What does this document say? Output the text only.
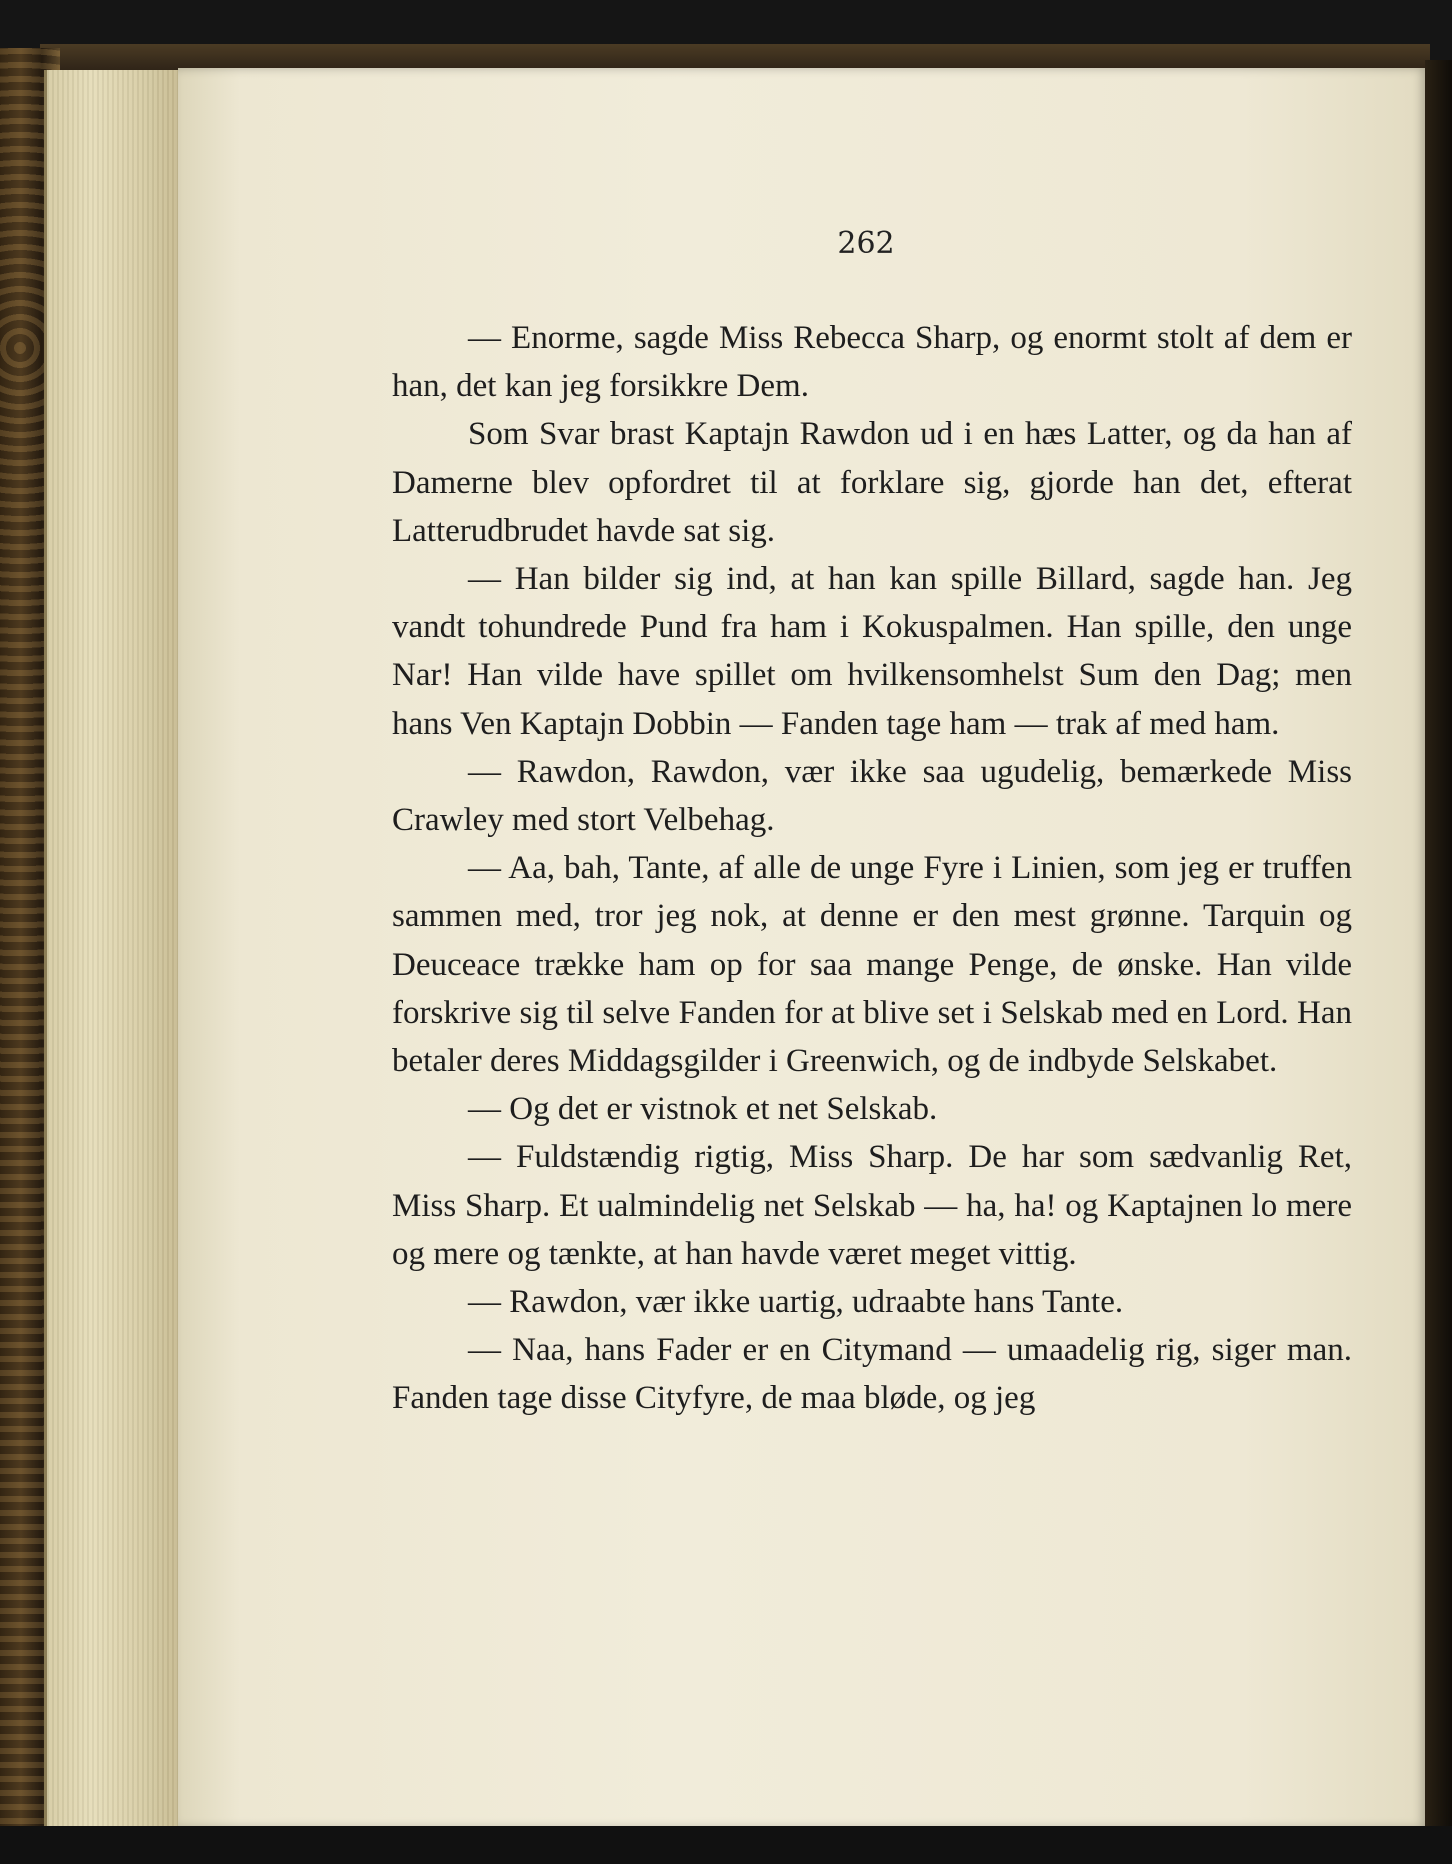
262

— Enorme, sagde Miss Rebecca Sharp, og enormt stolt af dem er han, det kan jeg forsikkre Dem.

Som Svar brast Kaptajn Rawdon ud i en hæs Latter, og da han af Damerne blev opfordret til at forklare sig, gjorde han det, efterat Latterudbrudet havde sat sig.

— Han bilder sig ind, at han kan spille Billard, sagde han. Jeg vandt tohundrede Pund fra ham i Kokuspalmen. Han spille, den unge Nar! Han vilde have spillet om hvilkensomhelst Sum den Dag; men hans Ven Kaptajn Dobbin — Fanden tage ham — trak af med ham.

— Rawdon, Rawdon, vær ikke saa ugudelig, bemærkede Miss Crawley med stort Velbehag.

— Aa, bah, Tante, af alle de unge Fyre i Linien, som jeg er truffen sammen med, tror jeg nok, at denne er den mest grønne. Tarquin og Deuceace trække ham op for saa mange Penge, de ønske. Han vilde forskrive sig til selve Fanden for at blive set i Selskab med en Lord. Han betaler deres Middagsgilder i Greenwich, og de indbyde Selskabet.

— Og det er vistnok et net Selskab.

— Fuldstændig rigtig, Miss Sharp. De har som sædvanlig Ret, Miss Sharp. Et ualmindelig net Selskab — ha, ha! og Kaptajnen lo mere og mere og tænkte, at han havde været meget vittig.

— Rawdon, vær ikke uartig, udraabte hans Tante.

— Naa, hans Fader er en Citymand — umaadelig rig, siger man. Fanden tage disse Cityfyre, de maa bløde, og jeg
